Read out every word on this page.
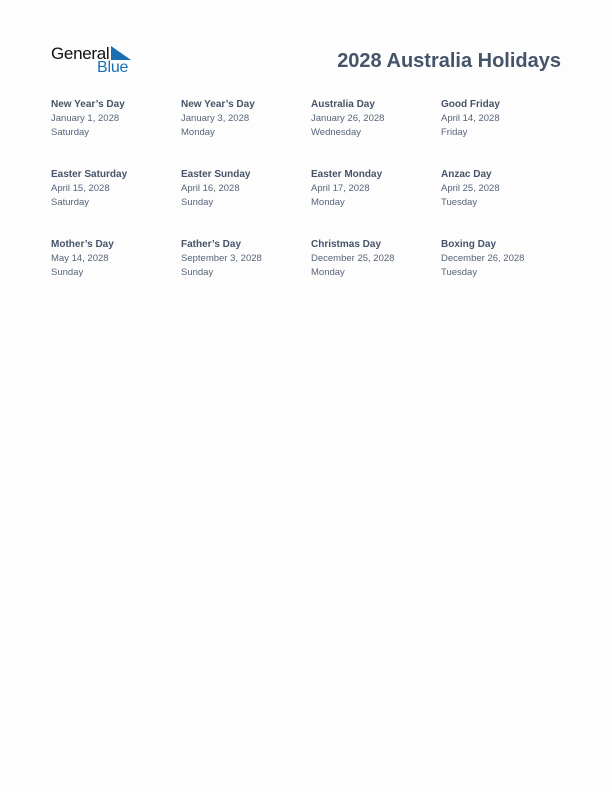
General
Blue	2028 Australia Holidays
New Year’s Day
January 1, 2028
Saturday
New Year’s Day
January 3, 2028
Monday
Australia Day
January 26, 2028
Wednesday
Good Friday
April 14, 2028
Friday
Easter Saturday
April 15, 2028
Saturday
Easter Sunday
April 16, 2028
Sunday
Easter Monday
April 17, 2028
Monday
Anzac Day
April 25, 2028
Tuesday
Mother’s Day
May 14, 2028
Sunday
Father’s Day
September 3, 2028
Sunday
Christmas Day
December 25, 2028
Monday
Boxing Day
December 26, 2028
Tuesday
